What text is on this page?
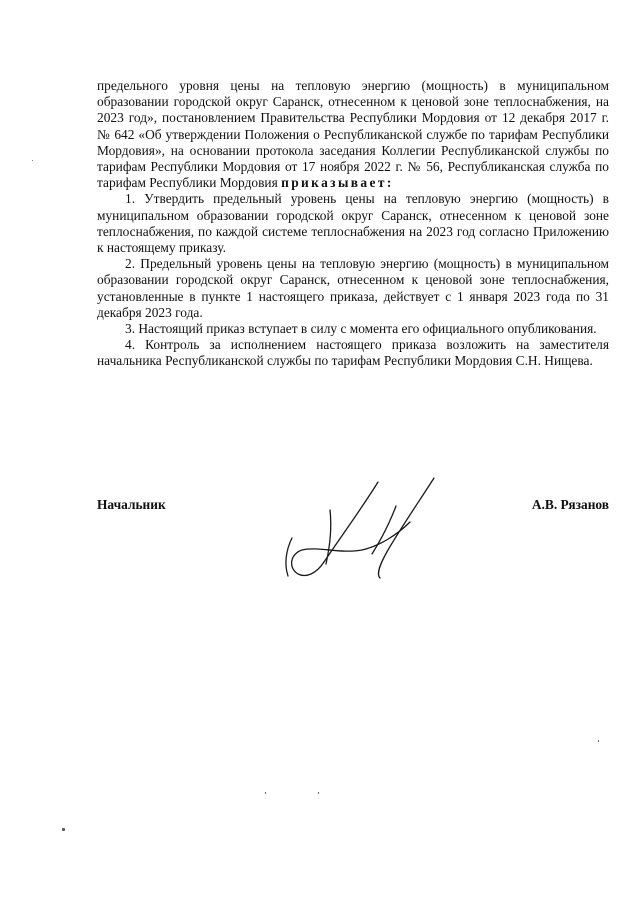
предельного уровня цены на тепловую энергию (мощность) в муниципальном образовании городской округ Саранск, отнесенном к ценовой зоне теплоснабжения, на 2023 год», постановлением Правительства Республики Мордовия от 12 декабря 2017 г. № 642 «Об утверждении Положения о Республиканской службе по тарифам Республики Мордовия», на основании протокола заседания Коллегии Республиканской службы по тарифам Республики Мордовия от 17 ноября 2022 г. № 56, Республиканская служба по тарифам Республики Мордовия приказывает:

1. Утвердить предельный уровень цены на тепловую энергию (мощность) в муниципальном образовании городской округ Саранск, отнесенном к ценовой зоне теплоснабжения, по каждой системе теплоснабжения на 2023 год согласно Приложению к настоящему приказу.

2. Предельный уровень цены на тепловую энергию (мощность) в муниципальном образовании городской округ Саранск, отнесенном к ценовой зоне теплоснабжения, установленные в пункте 1 настоящего приказа, действует с 1 января 2023 года по 31 декабря 2023 года.

3. Настоящий приказ вступает в силу с момента его официального опубликования.

4. Контроль за исполнением настоящего приказа возложить на заместителя начальника Республиканской службы по тарифам Республики Мордовия С.Н. Нищева.

Начальник	А.В. Рязанов
